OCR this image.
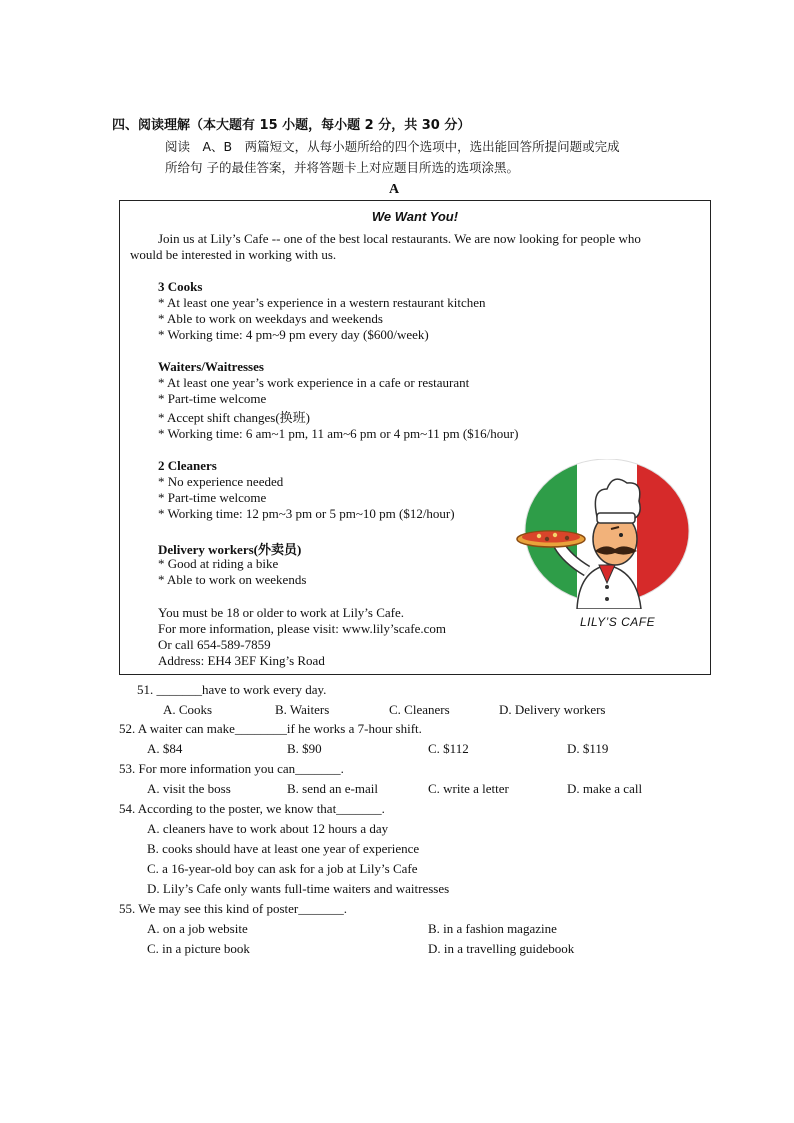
四、阅读理解（本大题有 15 小题，每小题 2 分，共 30 分）
阅读　A、B　两篇短文，从每小题所给的四个选项中，选出能回答所提问题或完成
所给句 子的最佳答案，并将答题卡上对应题目所选的选项涂黑。
A
We Want You!
Join us at Lily’s Cafe -- one of the best local restaurants. We are now looking for people who
would be interested in working with us.
3 Cooks
* At least one year’s experience in a western restaurant kitchen
* Able to work on weekdays and weekends
* Working time: 4 pm~9 pm every day ($600/week)
Waiters/Waitresses
* At least one year’s work experience in a cafe or restaurant
* Part-time welcome
* Accept shift changes(换班)
* Working time: 6 am~1 pm, 11 am~6 pm or 4 pm~11 pm ($16/hour)
2 Cleaners
* No experience needed
* Part-time welcome
* Working time: 12 pm~3 pm or 5 pm~10 pm ($12/hour)
Delivery workers(外卖员)
* Good at riding a bike
* Able to work on weekends
You must be 18 or older to work at Lily’s Cafe.
For more information, please visit: www.lily’scafe.com
Or call 654-589-7859
Address: EH4 3EF King’s Road
LILY’S CAFE
51. _______have to work every day.
A. Cooks	B. Waiters	C. Cleaners	D. Delivery workers
52. A waiter can make________if he works a 7-hour shift.
A. $84	B. $90	C. $112	D. $119
53. For more information you can_______.
A. visit the boss	B. send an e-mail	C. write a letter	D. make a call
54. According to the poster, we know that_______.
A. cleaners have to work about 12 hours a day
B. cooks should have at least one year of experience
C. a 16-year-old boy can ask for a job at Lily’s Cafe
D. Lily’s Cafe only wants full-time waiters and waitresses
55. We may see this kind of poster_______.
A. on a job website	B. in a fashion magazine
C. in a picture book	D. in a travelling guidebook
